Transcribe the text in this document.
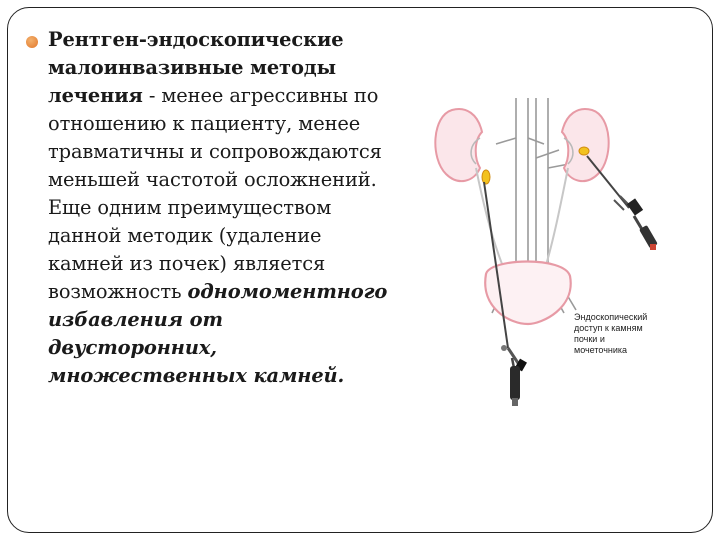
Рентген-эндоскопические малоинвазивные методы лечения - менее агрессивны по отношению к пациенту, менее травматичны и сопровождаются меньшей частотой осложнений. Еще одним преимуществом данной методик (удаление камней из почек) является возможность одномоментного избавления от двусторонних, множественных камней.
Эндоскопический
доступ к камням
почки и
мочеточника
